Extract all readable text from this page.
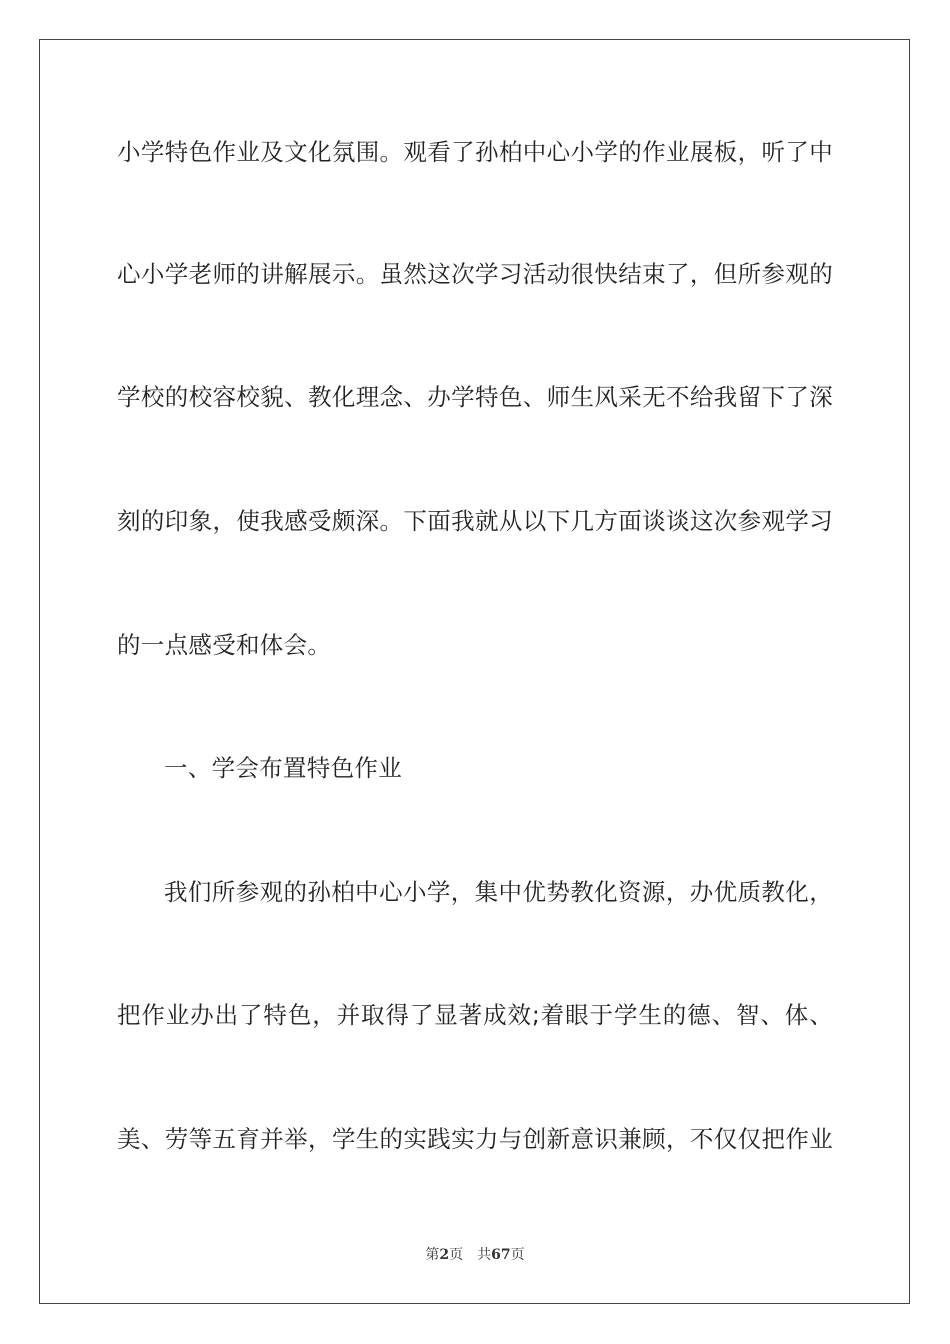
小学特色作业及文化氛围。观看了孙柏中心小学的作业展板，听了中
心小学老师的讲解展示。虽然这次学习活动很快结束了，但所参观的
学校的校容校貌、教化理念、办学特色、师生风采无不给我留下了深
刻的印象，使我感受颇深。下面我就从以下几方面谈谈这次参观学习
的一点感受和体会。
一、学会布置特色作业
我们所参观的孙柏中心小学，集中优势教化资源，办优质教化，
把作业办出了特色，并取得了显著成效;着眼于学生的德、智、体、
美、劳等五育并举，学生的实践实力与创新意识兼顾，不仅仅把作业
第2页 共67页
